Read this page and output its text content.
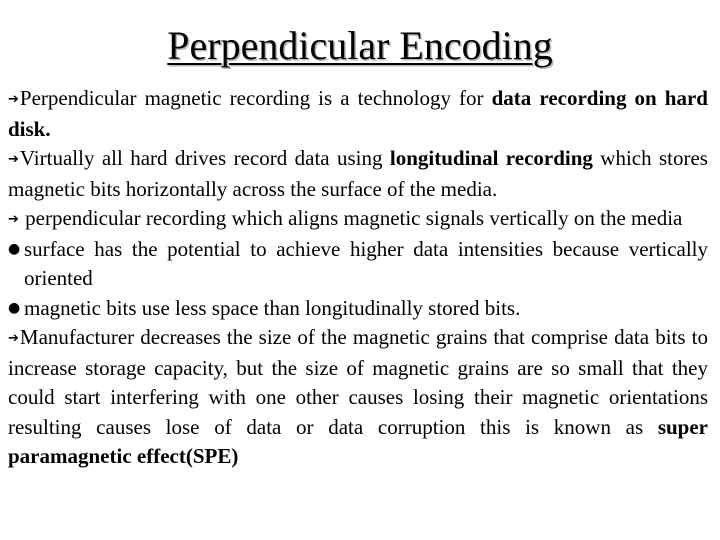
Perpendicular Encoding

➔Perpendicular magnetic recording is a technology for data recording on hard disk.

➔Virtually all hard drives record data using longitudinal recording which stores magnetic bits horizontally across the surface of the media.

➔ perpendicular recording which aligns magnetic signals vertically on the media

● surface has the potential to achieve higher data intensities because vertically oriented

● magnetic bits use less space than longitudinally stored bits.

➔Manufacturer decreases the size of the magnetic grains that comprise data bits to increase storage capacity, but the size of magnetic grains are so small that they could start interfering with one other causes losing their magnetic orientations resulting causes lose of data or data corruption this is known as super paramagnetic effect(SPE)
